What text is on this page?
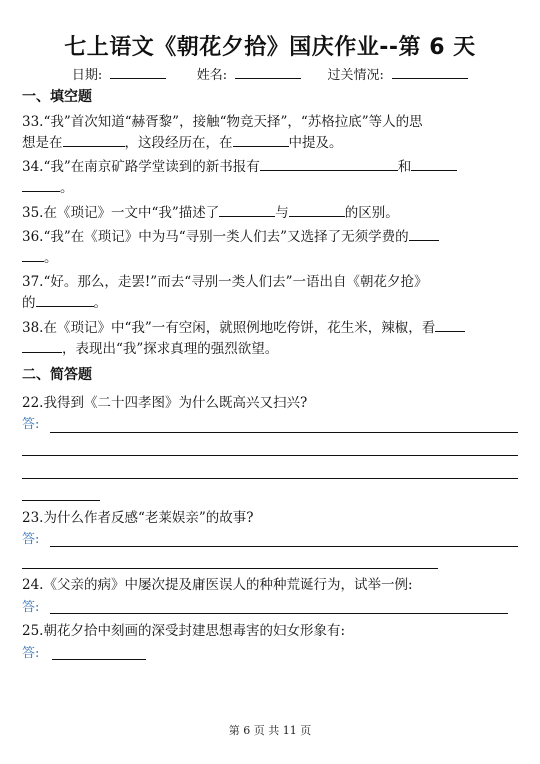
七上语文《朝花夕拾》国庆作业--第 6 天
日期:	姓名:	过关情况:
一、填空题
33.“我”首次知道“赫胥黎”，接触“物竞天择”，“苏格拉底”等人的思
想是在	，这段经历在，在	中提及。
34.“我”在南京矿路学堂读到的新书报有	和
。
35.在《琐记》一文中“我”描述了	与	的区别。
36.“我”在《琐记》中为马“寻别一类人们去”又选择了无须学费的
。
37.“好。那么，走罢!”而去“寻别一类人们去”一语出自《朝花夕抢》
的	。
38.在《琐记》中“我”一有空闲，就照例地吃侉饼，花生米，辣椒，看
，表现出“我”探求真理的强烈欲望。
二、简答题
22.我得到《二十四孝图》为什么既高兴又扫兴?
答:
23.为什么作者反感“老莱娱亲”的故事?
答:
24.《父亲的病》中屡次提及庸医误人的种种荒诞行为，试举一例:
答:
25.朝花夕拾中刻画的深受封建思想毒害的妇女形象有:
答:
第 6 页 共 11 页
